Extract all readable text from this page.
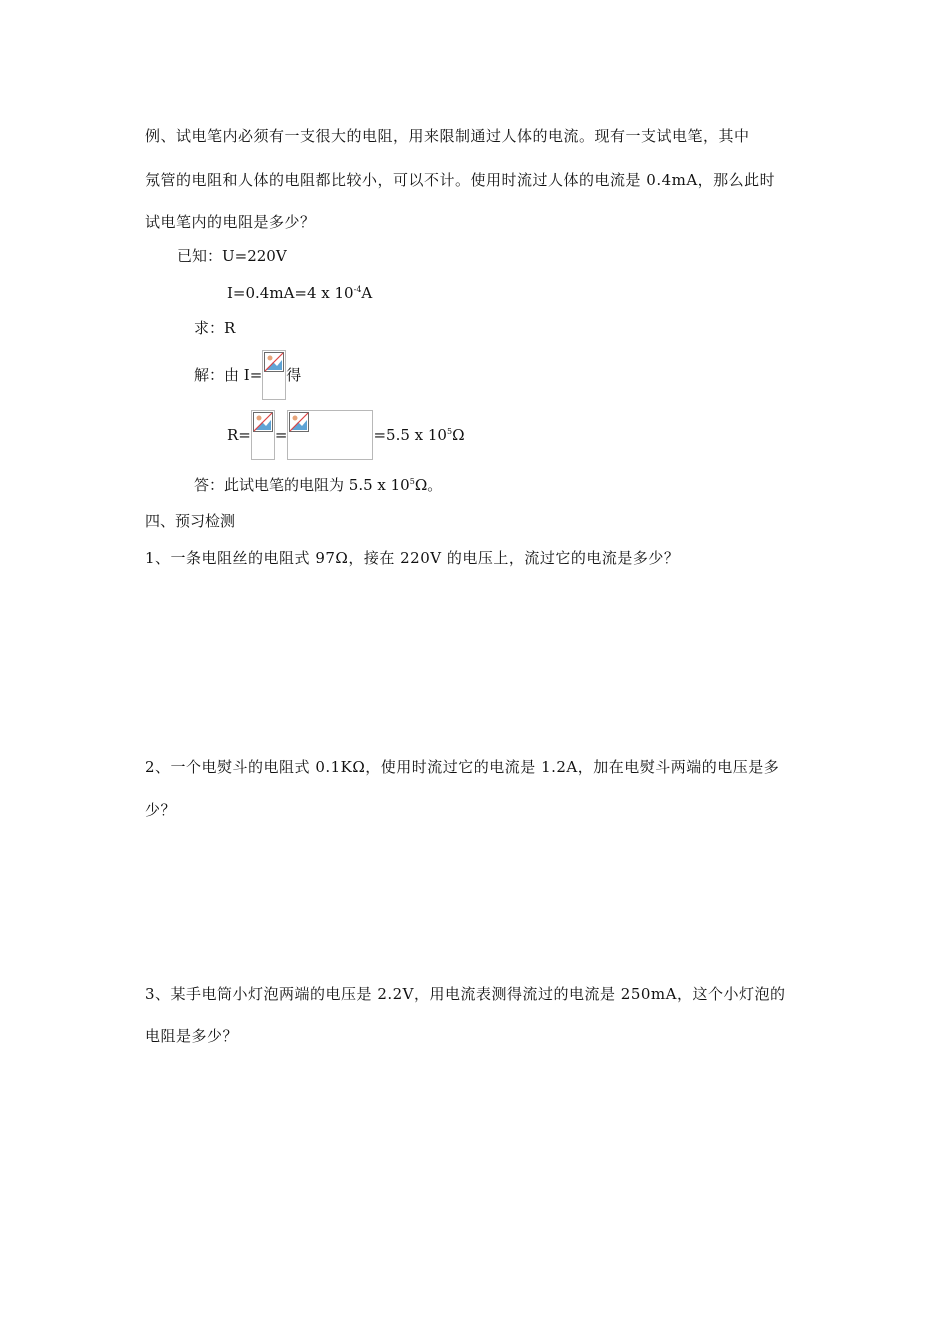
例、试电笔内必须有一支很大的电阻，用来限制通过人体的电流。现有一支试电笔，其中
氖管的电阻和人体的电阻都比较小，可以不计。使用时流过人体的电流是 0.4mA，那么此时
试电笔内的电阻是多少？
已知：U=220V
I=0.4mA=4 x $10^{-4}A$
求：R
解：由 I= 得
R= =	=5.5 x $10^5\Omega$
答：此试电笔的电阻为 5.5 x $10^5\Omega$。
四、预习检测
1、一条电阻丝的电阻式 97Ω，接在 220V 的电压上，流过它的电流是多少？
2、一个电熨斗的电阻式 0.1KΩ，使用时流过它的电流是 1.2A，加在电熨斗两端的电压是多
少？
3、某手电筒小灯泡两端的电压是 2.2V，用电流表测得流过的电流是 250mA，这个小灯泡的
电阻是多少？
